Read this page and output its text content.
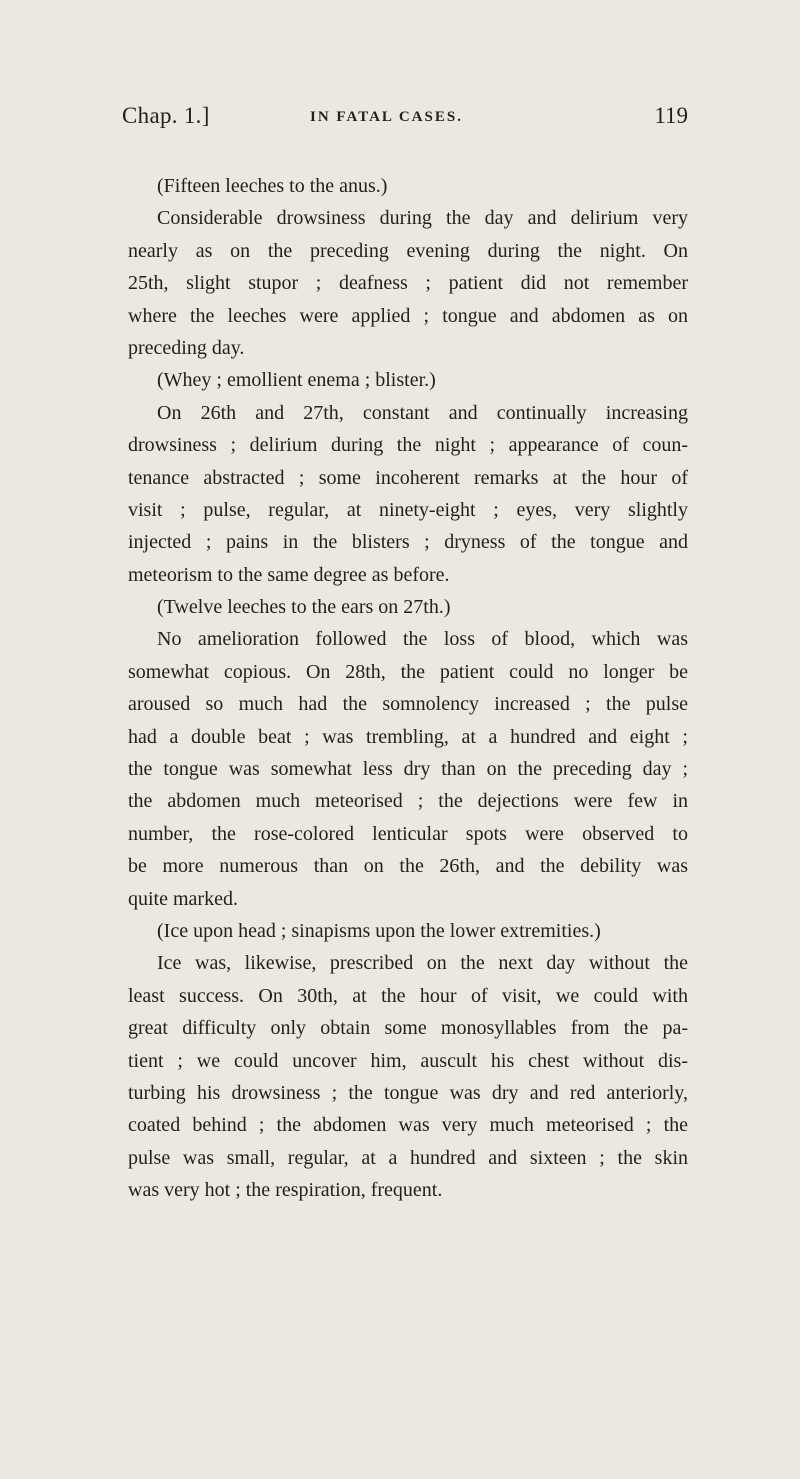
Chap. 1.]	IN FATAL CASES.	119
(Fifteen leeches to the anus.)
Considerable drowsiness during the day and delirium very
nearly as on the preceding evening during the night. On
25th, slight stupor ; deafness ; patient did not remember
where the leeches were applied ; tongue and abdomen as on
preceding day.
(Whey ; emollient enema ; blister.)
On 26th and 27th, constant and continually increasing
drowsiness ; delirium during the night ; appearance of coun-
tenance abstracted ; some incoherent remarks at the hour of
visit ; pulse, regular, at ninety-eight ; eyes, very slightly
injected ; pains in the blisters ; dryness of the tongue and
meteorism to the same degree as before.
(Twelve leeches to the ears on 27th.)
No amelioration followed the loss of blood, which was
somewhat copious. On 28th, the patient could no longer be
aroused so much had the somnolency increased ; the pulse
had a double beat ; was trembling, at a hundred and eight ;
the tongue was somewhat less dry than on the preceding day ;
the abdomen much meteorised ; the dejections were few in
number, the rose-colored lenticular spots were observed to
be more numerous than on the 26th, and the debility was
quite marked.
(Ice upon head ; sinapisms upon the lower extremities.)
Ice was, likewise, prescribed on the next day without the
least success. On 30th, at the hour of visit, we could with
great difficulty only obtain some monosyllables from the pa-
tient ; we could uncover him, auscult his chest without dis-
turbing his drowsiness ; the tongue was dry and red anteriorly,
coated behind ; the abdomen was very much meteorised ; the
pulse was small, regular, at a hundred and sixteen ; the skin
was very hot ; the respiration, frequent.
